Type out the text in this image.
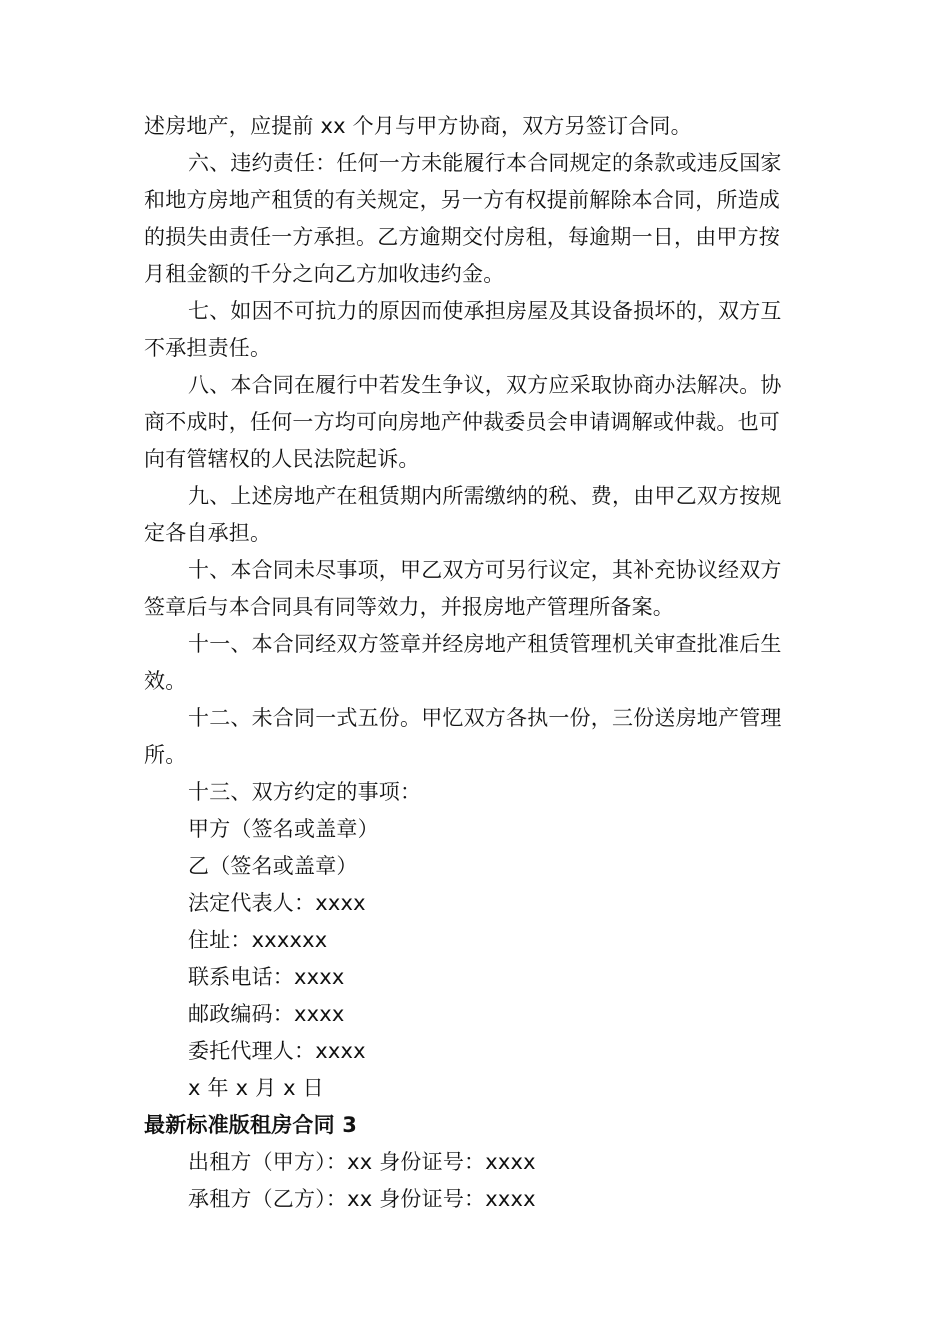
述房地产，应提前 xx 个月与甲方协商，双方另签订合同。
六、违约责任：任何一方未能履行本合同规定的条款或违反国家
和地方房地产租赁的有关规定，另一方有权提前解除本合同，所造成
的损失由责任一方承担。乙方逾期交付房租，每逾期一日，由甲方按
月租金额的千分之向乙方加收违约金。
七、如因不可抗力的原因而使承担房屋及其设备损坏的，双方互
不承担责任。
八、本合同在履行中若发生争议，双方应采取协商办法解决。协
商不成时，任何一方均可向房地产仲裁委员会申请调解或仲裁。也可
向有管辖权的人民法院起诉。
九、上述房地产在租赁期内所需缴纳的税、费，由甲乙双方按规
定各自承担。
十、本合同未尽事项，甲乙双方可另行议定，其补充协议经双方
签章后与本合同具有同等效力，并报房地产管理所备案。
十一、本合同经双方签章并经房地产租赁管理机关审查批准后生
效。
十二、未合同一式五份。甲忆双方各执一份，三份送房地产管理
所。
十三、双方约定的事项：
甲方（签名或盖章）
乙（签名或盖章）
法定代表人：xxxx
住址：xxxxxx
联系电话：xxxx
邮政编码：xxxx
委托代理人：xxxx
x 年 x 月 x 日
最新标准版租房合同 3
出租方（甲方）：xx 身份证号：xxxx
承租方（乙方）：xx 身份证号：xxxx
